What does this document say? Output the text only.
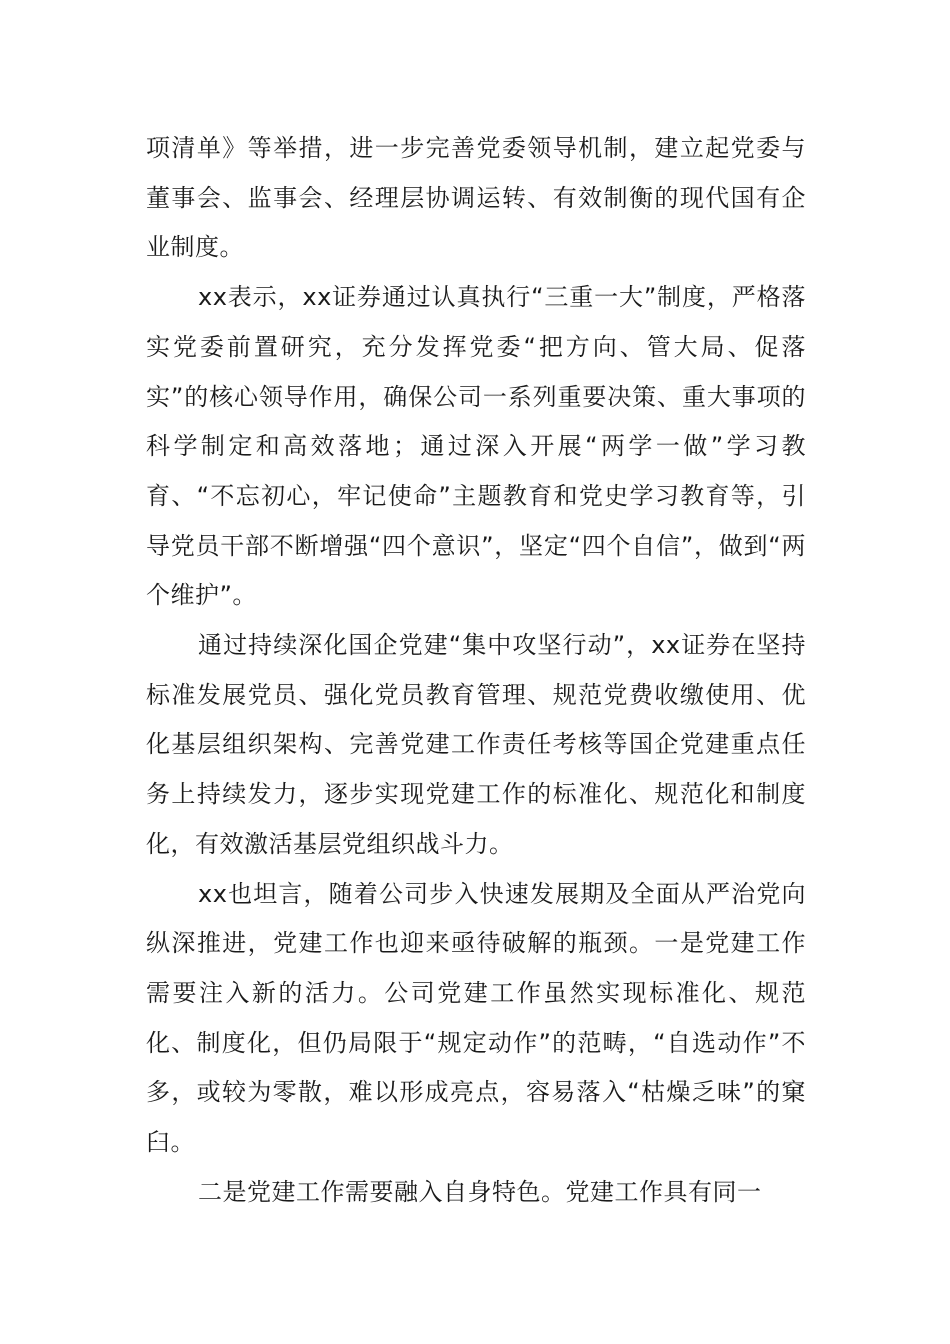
项清单》等举措，进一步完善党委领导机制，建立起党委与董事会、监事会、经理层协调运转、有效制衡的现代国有企业制度。

xx表示，xx证券通过认真执行“三重一大”制度，严格落实党委前置研究，充分发挥党委“把方向、管大局、促落实”的核心领导作用，确保公司一系列重要决策、重大事项的科学制定和高效落地；通过深入开展“两学一做”学习教育、“不忘初心，牢记使命”主题教育和党史学习教育等，引导党员干部不断增强“四个意识”，坚定“四个自信”，做到“两个维护”。

通过持续深化国企党建“集中攻坚行动”，xx证券在坚持标准发展党员、强化党员教育管理、规范党费收缴使用、优化基层组织架构、完善党建工作责任考核等国企党建重点任务上持续发力，逐步实现党建工作的标准化、规范化和制度化，有效激活基层党组织战斗力。

xx也坦言，随着公司步入快速发展期及全面从严治党向纵深推进，党建工作也迎来亟待破解的瓶颈。一是党建工作需要注入新的活力。公司党建工作虽然实现标准化、规范化、制度化，但仍局限于“规定动作”的范畴，“自选动作”不多，或较为零散，难以形成亮点，容易落入“枯燥乏味”的窠臼。

二是党建工作需要融入自身特色。党建工作具有同一
